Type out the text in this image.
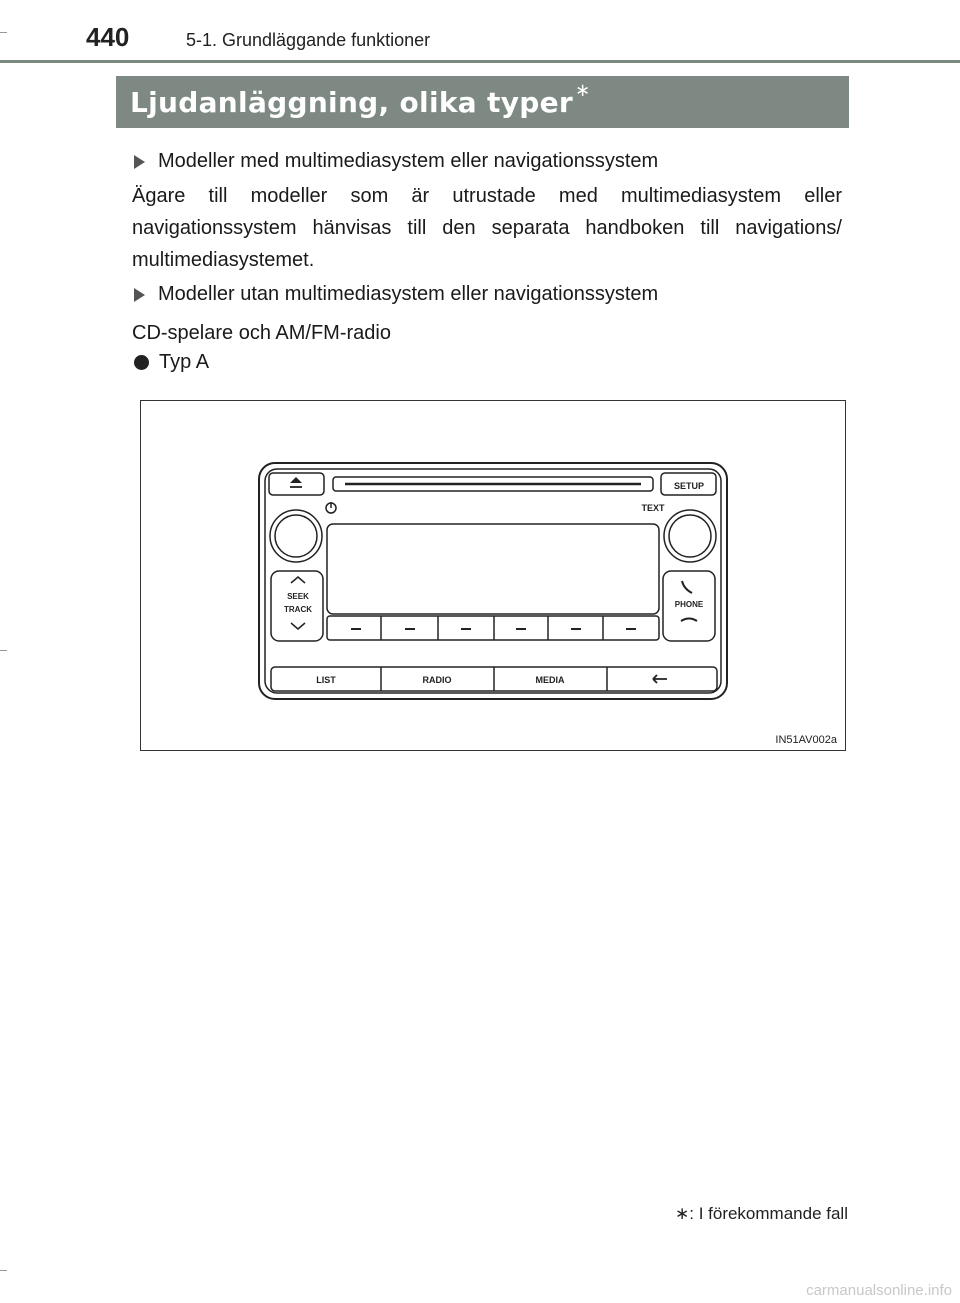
440	5-1. Grundläggande funktioner
Ljudanläggning, olika typer ∗
Modeller med multimediasystem eller navigationssystem
Ägare till modeller som är utrustade med multimediasystem eller navigationssystem hänvisas till den separata handboken till navigations/ multimediasystemet.
Modeller utan multimediasystem eller navigationssystem
CD-spelare och AM/FM-radio
Typ A
SETUP
TEXT
SEEK
TRACK
PHONE
LIST	RADIO	MEDIA
IN51AV002a
∗: I förekommande fall
carmanualsonline.info
